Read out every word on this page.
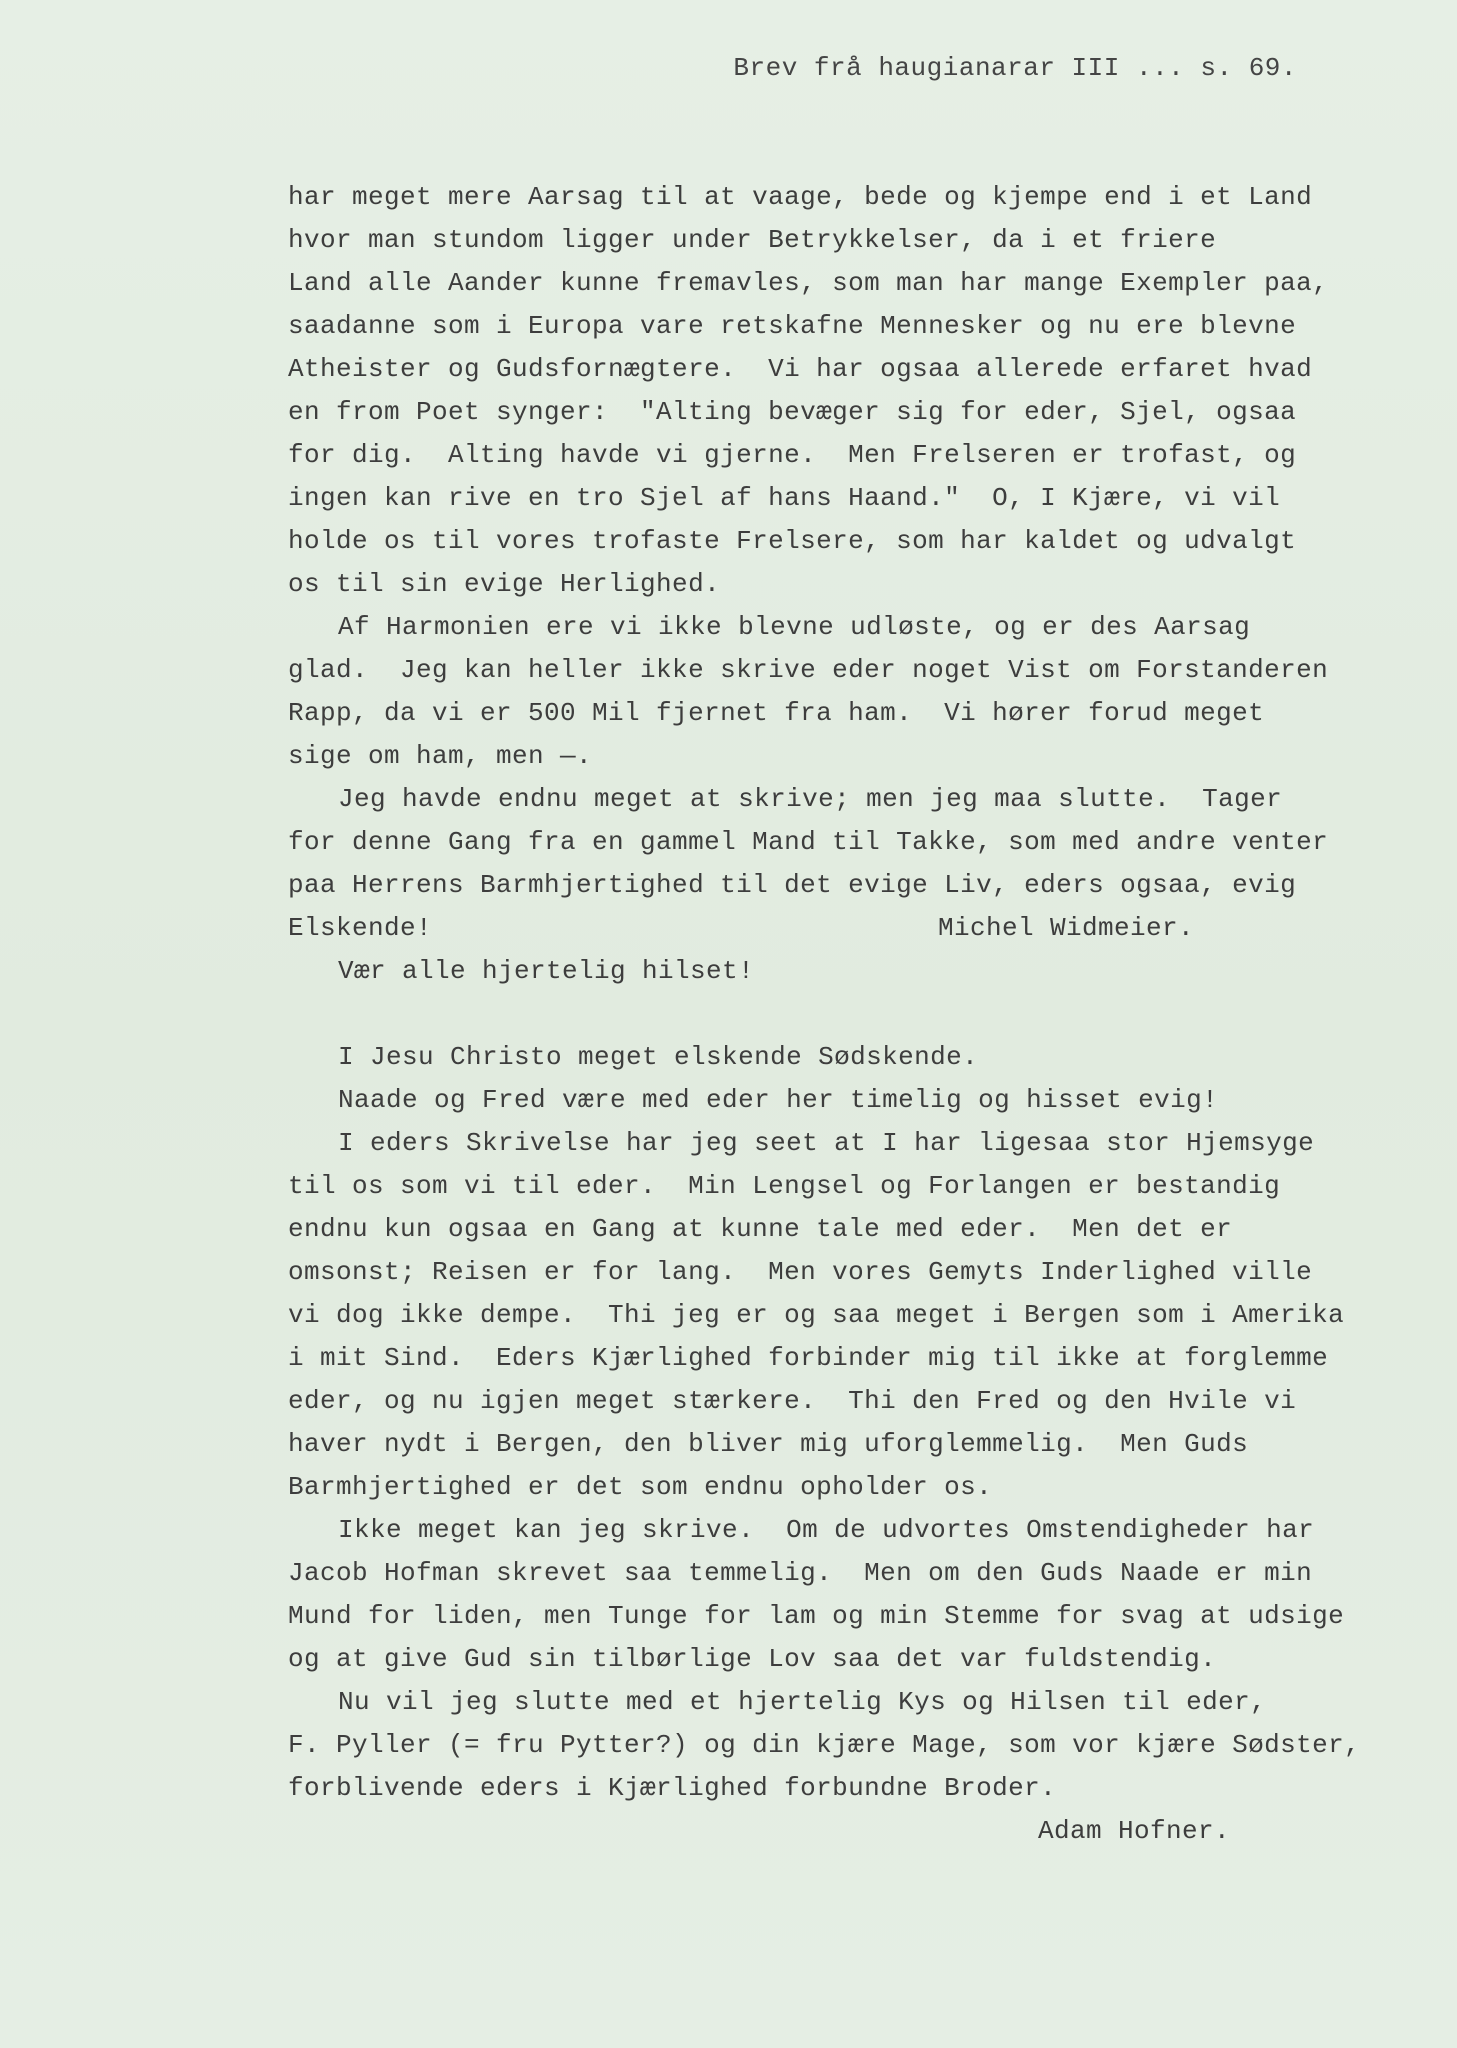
Brev frå haugianarar III ... s. 69.
har meget mere Aarsag til at vaage, bede og kjempe end i et Land
hvor man stundom ligger under Betrykkelser, da i et friere
Land alle Aander kunne fremavles, som man har mange Exempler paa,
saadanne som i Europa vare retskafne Mennesker og nu ere blevne
Atheister og Gudsfornægtere.  Vi har ogsaa allerede erfaret hvad
en from Poet synger:  "Alting bevæger sig for eder, Sjel, ogsaa
for dig.  Alting havde vi gjerne.  Men Frelseren er trofast, og
ingen kan rive en tro Sjel af hans Haand."  O, I Kjære, vi vil
holde os til vores trofaste Frelsere, som har kaldet og udvalgt
os til sin evige Herlighed.
Af Harmonien ere vi ikke blevne udløste, og er des Aarsag
glad.  Jeg kan heller ikke skrive eder noget Vist om Forstanderen
Rapp, da vi er 500 Mil fjernet fra ham.  Vi hører forud meget
sige om ham, men —.
Jeg havde endnu meget at skrive; men jeg maa slutte.  Tager
for denne Gang fra en gammel Mand til Takke, som med andre venter
paa Herrens Barmhjertighed til det evige Liv, eders ogsaa, evig
Elskende!	Michel Widmeier.
Vær alle hjertelig hilset!
I Jesu Christo meget elskende Sødskende.
Naade og Fred være med eder her timelig og hisset evig!
I eders Skrivelse har jeg seet at I har ligesaa stor Hjemsyge
til os som vi til eder.  Min Lengsel og Forlangen er bestandig
endnu kun ogsaa en Gang at kunne tale med eder.  Men det er
omsonst; Reisen er for lang.  Men vores Gemyts Inderlighed ville
vi dog ikke dempe.  Thi jeg er og saa meget i Bergen som i Amerika
i mit Sind.  Eders Kjærlighed forbinder mig til ikke at forglemme
eder, og nu igjen meget stærkere.  Thi den Fred og den Hvile vi
haver nydt i Bergen, den bliver mig uforglemmelig.  Men Guds
Barmhjertighed er det som endnu opholder os.
Ikke meget kan jeg skrive.  Om de udvortes Omstendigheder har
Jacob Hofman skrevet saa temmelig.  Men om den Guds Naade er min
Mund for liden, men Tunge for lam og min Stemme for svag at udsige
og at give Gud sin tilbørlige Lov saa det var fuldstendig.
Nu vil jeg slutte med et hjertelig Kys og Hilsen til eder,
F. Pyller (= fru Pytter?) og din kjære Mage, som vor kjære Sødster,
forblivende eders i Kjærlighed forbundne Broder.
Adam Hofner.
